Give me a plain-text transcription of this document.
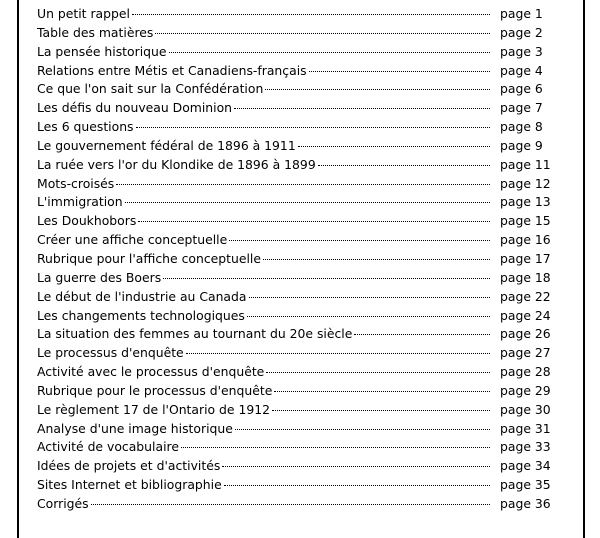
Un petit rappel	page 1
Table des matières	page 2
La pensée historique	page 3
Relations entre Métis et Canadiens-français	page 4
Ce que l'on sait sur la Confédération	page 6
Les défis du nouveau Dominion	page 7
Les 6 questions	page 8
Le gouvernement fédéral de 1896 à 1911	page 9
La ruée vers l'or du Klondike de 1896 à 1899	page 11
Mots-croisés	page 12
L'immigration	page 13
Les Doukhobors	page 15
Créer une affiche conceptuelle	page 16
Rubrique pour l'affiche conceptuelle	page 17
La guerre des Boers	page 18
Le début de l'industrie au Canada	page 22
Les changements technologiques	page 24
La situation des femmes au tournant du 20e siècle	page 26
Le processus d'enquête	page 27
Activité avec le processus d'enquête	page 28
Rubrique pour le processus d'enquête	page 29
Le règlement 17 de l'Ontario de 1912	page 30
Analyse d'une image historique	page 31
Activité de vocabulaire	page 33
Idées de projets et d'activités	page 34
Sites Internet et bibliographie	page 35
Corrigés	page 36
